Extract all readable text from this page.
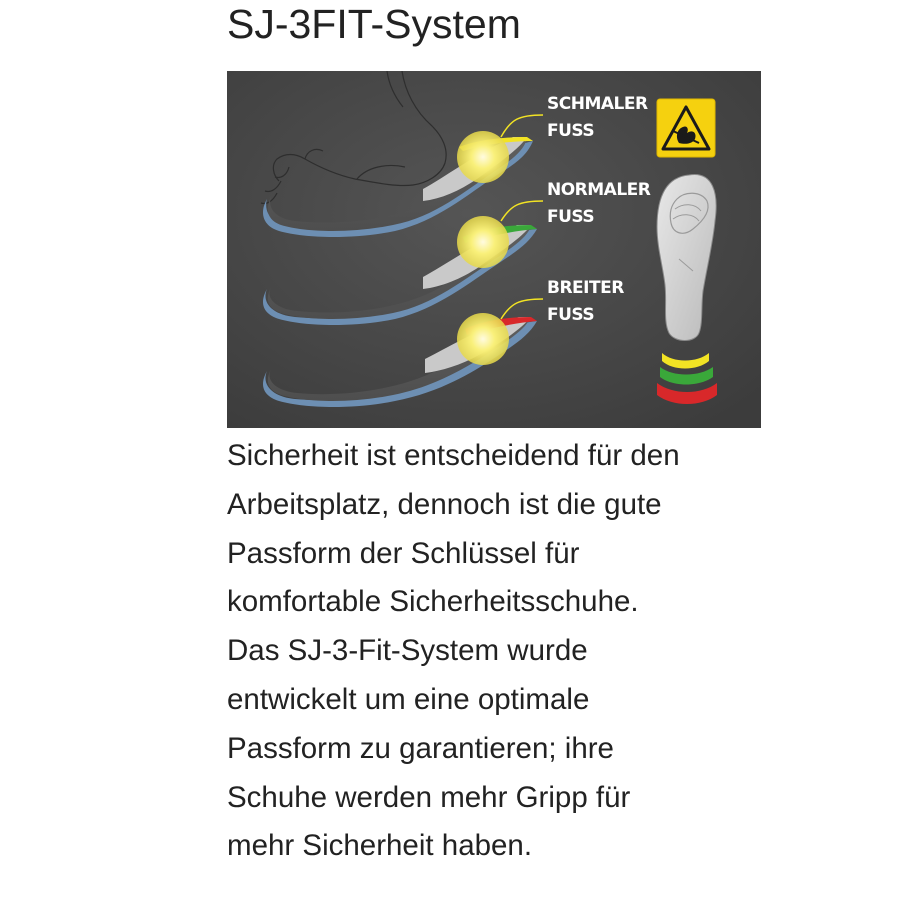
SJ-3FIT-System
SCHMALER
FUSS
NORMALER
FUSS
BREITER
FUSS

Sicherheit ist entscheidend für den
Arbeitsplatz, dennoch ist die gute
Passform der Schlüssel für
komfortable Sicherheitsschuhe.
Das SJ-3-Fit-System wurde
entwickelt um eine optimale
Passform zu garantieren; ihre
Schuhe werden mehr Gripp für
mehr Sicherheit haben.
